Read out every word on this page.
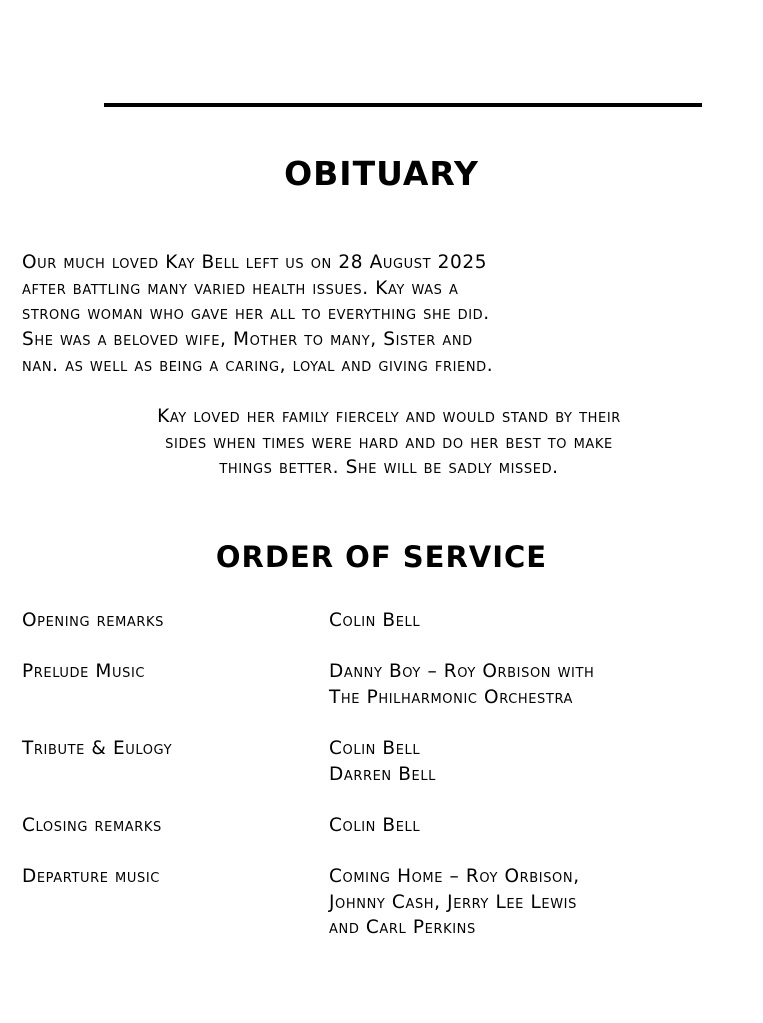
OBITUARY
Our much loved Kay Bell left us on 28 August 2025
after battling many varied health issues. Kay was a
strong woman who gave her all to everything she did.
She was a beloved wife, Mother to many, Sister and
nan. as well as being a caring, loyal and giving friend.
Kay loved her family fiercely and would stand by their
sides when times were hard and do her best to make
things better. She will be sadly missed.
ORDER OF SERVICE
Opening remarks	Colin Bell
Prelude Music	Danny Boy – Roy Orbison with
The Philharmonic Orchestra
Tribute & Eulogy	Colin Bell
Darren Bell
Closing remarks	Colin Bell
Departure music	Coming Home – Roy Orbison,
Johnny Cash, Jerry Lee Lewis
and Carl Perkins
